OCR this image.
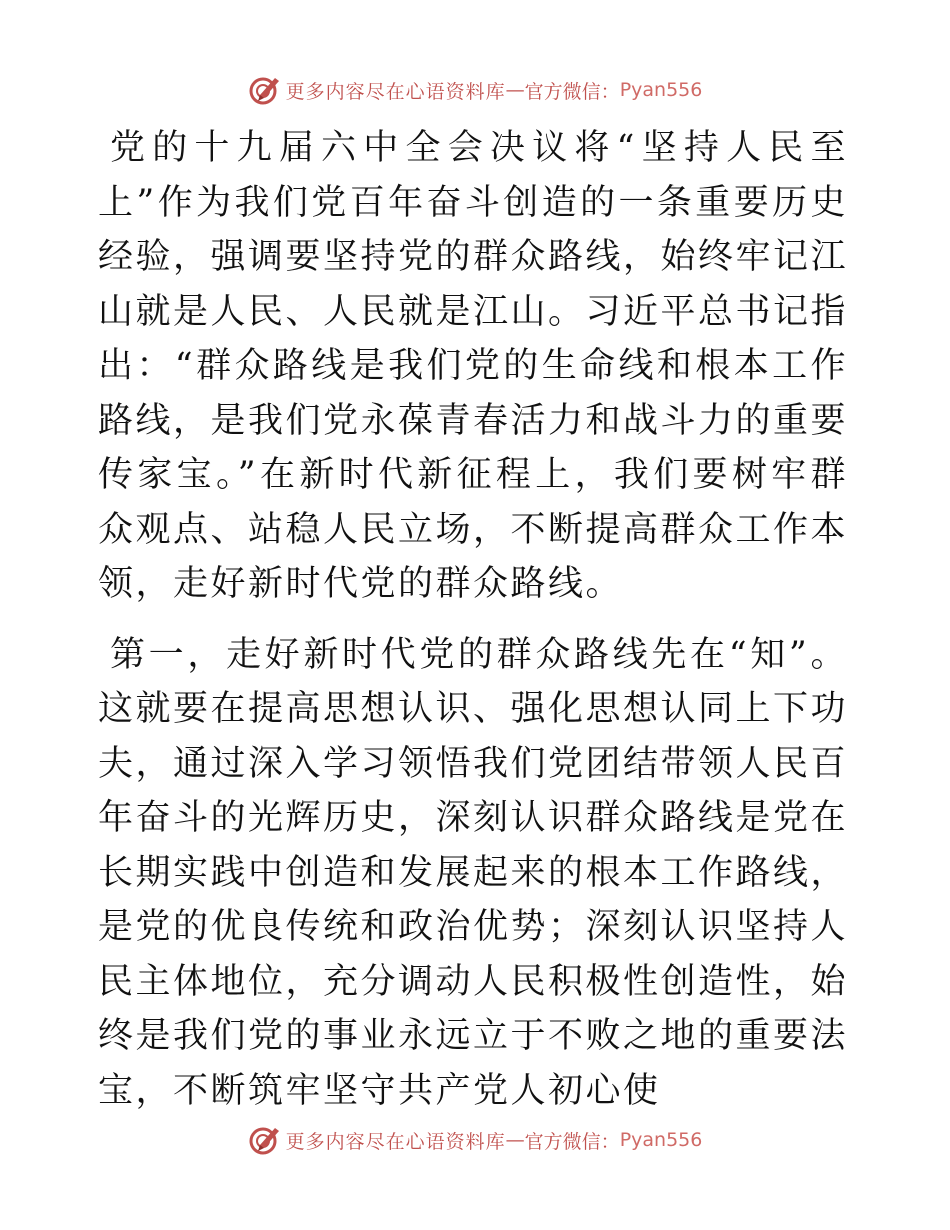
更多内容尽在心语资料库 — 官方微信： Pyan556

党的十九届六中全会决议将“坚持人民至上”作为我们党百年奋斗创造的一条重要历史经验，强调要坚持党的群众路线，始终牢记江山就是人民、人民就是江山。习近平总书记指出：“群众路线是我们党的生命线和根本工作路线，是我们党永葆青春活力和战斗力的重要传家宝。”在新时代新征程上，我们要树牢群众观点、站稳人民立场，不断提高群众工作本领，走好新时代党的群众路线。

第一，走好新时代党的群众路线先在“知”。这就要在提高思想认识、强化思想认同上下功夫，通过深入学习领悟我们党团结带领人民百年奋斗的光辉历史，深刻认识群众路线是党在长期实践中创造和发展起来的根本工作路线，是党的优良传统和政治优势；深刻认识坚持人民主体地位，充分调动人民积极性创造性，始终是我们党的事业永远立于不败之地的重要法宝，不断筑牢坚守共产党人初心使

更多内容尽在心语资料库 — 官方微信： Pyan556
